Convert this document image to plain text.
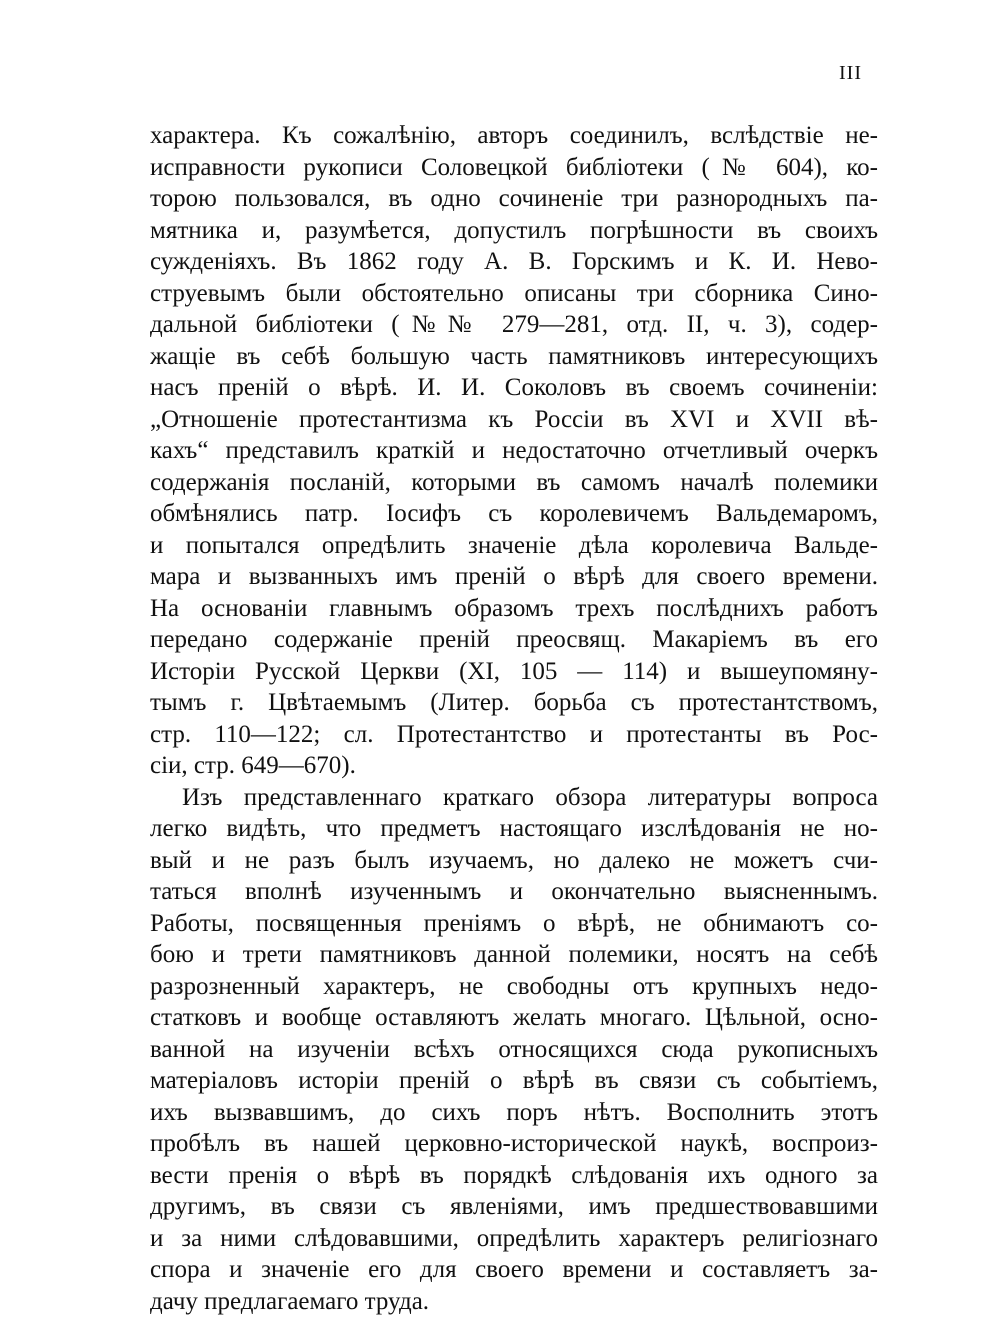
III
характера. Къ сожалѣнію, авторъ соединилъ, вслѣдствіе не-
исправности рукописи Соловецкой библіотеки (№ 604), ко-
торою пользовался, въ одно сочиненіе три разнородныхъ па-
мятника и, разумѣется, допустилъ погрѣшности въ своихъ
сужденіяхъ. Въ 1862 году А. В. Горскимъ и К. И. Нево-
струевымъ были обстоятельно описаны три сборника Сино-
дальной библіотеки (№№ 279—281, отд. II, ч. 3), содер-
жащіе въ себѣ большую часть памятниковъ интересующихъ
насъ преній о вѣрѣ. И. И. Соколовъ въ своемъ сочиненіи:
„Отношеніе протестантизма къ Россіи въ XVI и XVII вѣ-
кахъ“ представилъ краткій и недостаточно отчетливый очеркъ
содержанія посланій, которыми въ самомъ началѣ полемики
обмѣнялись патр. Іосифъ съ королевичемъ Вальдемаромъ,
и попытался опредѣлить значеніе дѣла королевича Вальде-
мара и вызванныхъ имъ преній о вѣрѣ для своего времени.
На основаніи главнымъ образомъ трехъ послѣднихъ работъ
передано содержаніе преній преосвящ. Макаріемъ въ его
Исторіи Русской Церкви (XI, 105 — 114) и вышеупомяну-
тымъ г. Цвѣтаемымъ (Литер. борьба съ протестантствомъ,
стр. 110—122; сл. Протестантство и протестанты въ Рос-
сіи, стр. 649—670).
Изъ представленнаго краткаго обзора литературы вопроса
легко видѣть, что предметъ настоящаго изслѣдованія не но-
вый и не разъ былъ изучаемъ, но далеко не можетъ счи-
таться вполнѣ изученнымъ и окончательно выясненнымъ.
Работы, посвященныя преніямъ о вѣрѣ, не обнимаютъ со-
бою и трети памятниковъ данной полемики, носятъ на себѣ
разрозненный характеръ, не свободны отъ крупныхъ недо-
статковъ и вообще оставляютъ желать многаго. Цѣльной, осно-
ванной на изученіи всѣхъ относящихся сюда рукописныхъ
матеріаловъ исторіи преній о вѣрѣ въ связи съ событіемъ,
ихъ вызвавшимъ, до сихъ поръ нѣтъ. Восполнить этотъ
пробѣлъ въ нашей церковно-исторической наукѣ, воспроиз-
вести пренія о вѣрѣ въ порядкѣ слѣдованія ихъ одного за
другимъ, въ связи съ явленіями, имъ предшествовавшими
и за ними слѣдовавшими, опредѣлить характеръ религіознаго
спора и значеніе его для своего времени и составляетъ за-
дачу предлагаемаго труда.
